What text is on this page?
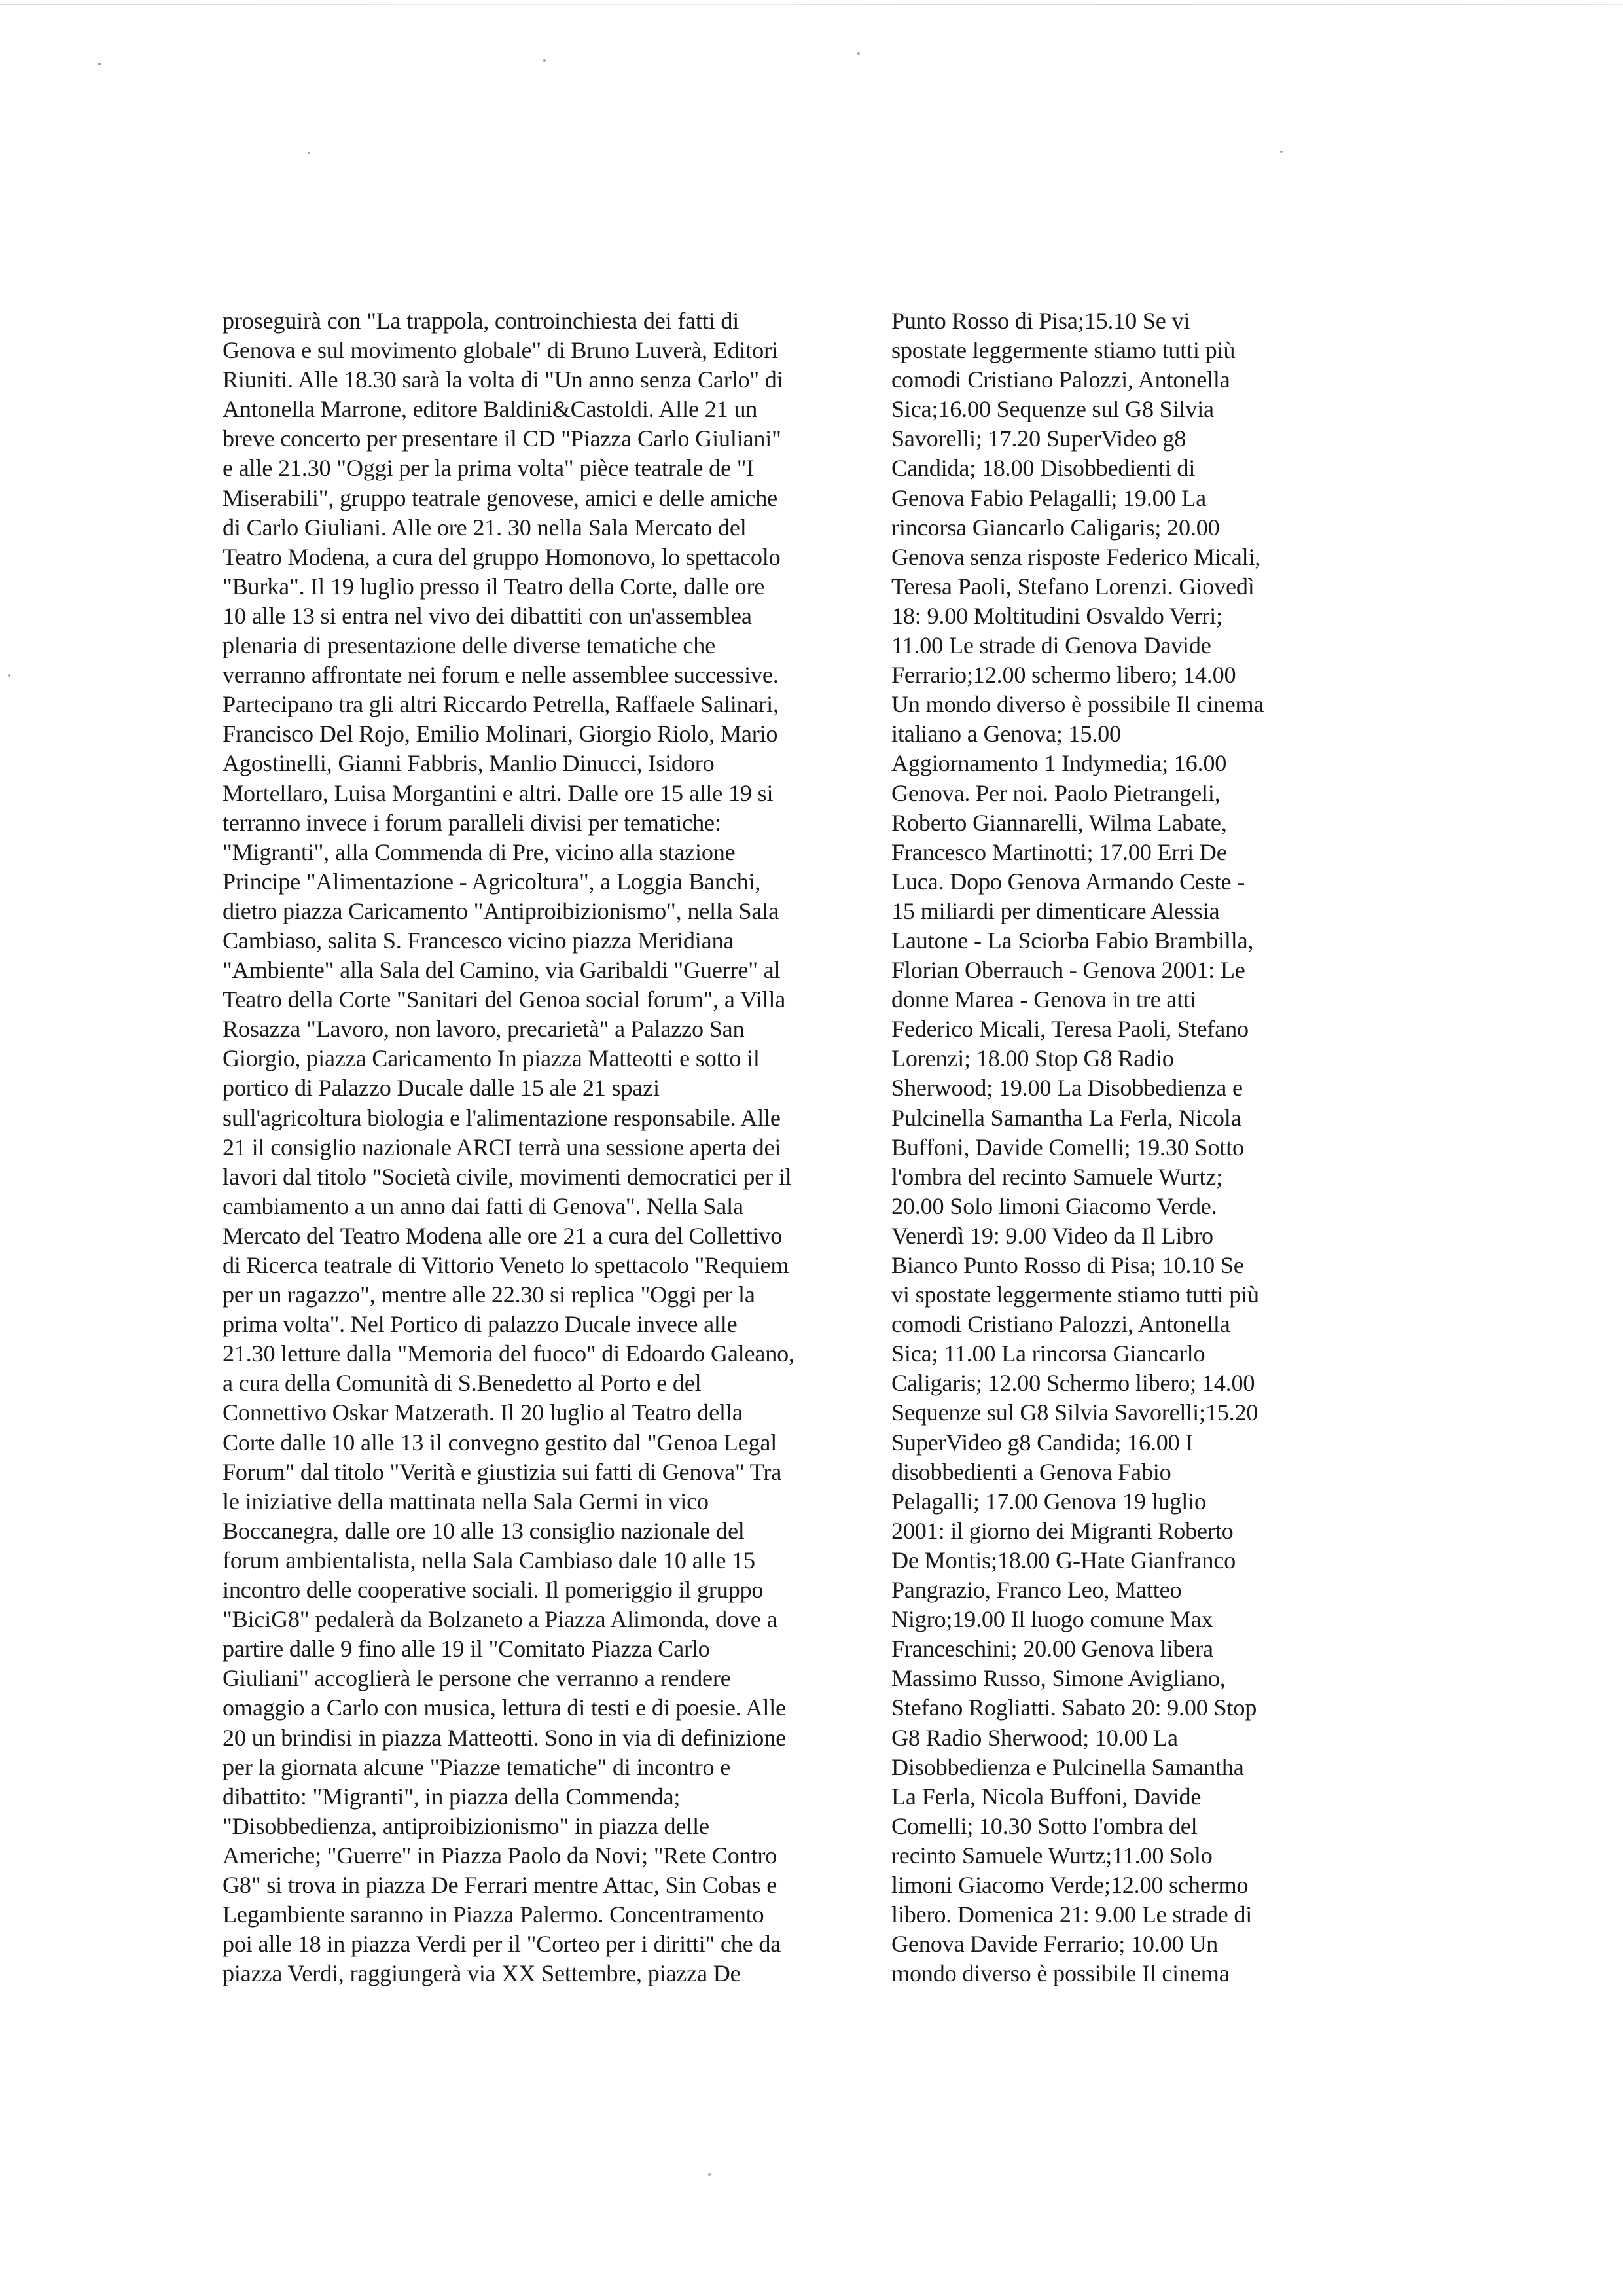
proseguirà con "La trappola, controinchiesta dei fatti di
Genova e sul movimento globale" di Bruno Luverà, Editori
Riuniti. Alle 18.30 sarà la volta di "Un anno senza Carlo" di
Antonella Marrone, editore Baldini&Castoldi. Alle 21 un
breve concerto per presentare il CD "Piazza Carlo Giuliani"
e alle 21.30 "Oggi per la prima volta" pièce teatrale de "I
Miserabili", gruppo teatrale genovese, amici e delle amiche
di Carlo Giuliani. Alle ore 21. 30 nella Sala Mercato del
Teatro Modena, a cura del gruppo Homonovo, lo spettacolo
"Burka". Il 19 luglio presso il Teatro della Corte, dalle ore
10 alle 13 si entra nel vivo dei dibattiti con un'assemblea
plenaria di presentazione delle diverse tematiche che
verranno affrontate nei forum e nelle assemblee successive.
Partecipano tra gli altri Riccardo Petrella, Raffaele Salinari,
Francisco Del Rojo, Emilio Molinari, Giorgio Riolo, Mario
Agostinelli, Gianni Fabbris, Manlio Dinucci, Isidoro
Mortellaro, Luisa Morgantini e altri. Dalle ore 15 alle 19 si
terranno invece i forum paralleli divisi per tematiche:
"Migranti", alla Commenda di Pre, vicino alla stazione
Principe "Alimentazione - Agricoltura", a Loggia Banchi,
dietro piazza Caricamento "Antiproibizionismo", nella Sala
Cambiaso, salita S. Francesco vicino piazza Meridiana
"Ambiente" alla Sala del Camino, via Garibaldi "Guerre" al
Teatro della Corte "Sanitari del Genoa social forum", a Villa
Rosazza "Lavoro, non lavoro, precarietà" a Palazzo San
Giorgio, piazza Caricamento In piazza Matteotti e sotto il
portico di Palazzo Ducale dalle 15 ale 21 spazi
sull'agricoltura biologia e l'alimentazione responsabile. Alle
21 il consiglio nazionale ARCI terrà una sessione aperta dei
lavori dal titolo "Società civile, movimenti democratici per il
cambiamento a un anno dai fatti di Genova". Nella Sala
Mercato del Teatro Modena alle ore 21 a cura del Collettivo
di Ricerca teatrale di Vittorio Veneto lo spettacolo "Requiem
per un ragazzo", mentre alle 22.30 si replica "Oggi per la
prima volta". Nel Portico di palazzo Ducale invece alle
21.30 letture dalla "Memoria del fuoco" di Edoardo Galeano,
a cura della Comunità di S.Benedetto al Porto e del
Connettivo Oskar Matzerath. Il 20 luglio al Teatro della
Corte dalle 10 alle 13 il convegno gestito dal "Genoa Legal
Forum" dal titolo "Verità e giustizia sui fatti di Genova" Tra
le iniziative della mattinata nella Sala Germi in vico
Boccanegra, dalle ore 10 alle 13 consiglio nazionale del
forum ambientalista, nella Sala Cambiaso dale 10 alle 15
incontro delle cooperative sociali. Il pomeriggio il gruppo
"BiciG8" pedalerà da Bolzaneto a Piazza Alimonda, dove a
partire dalle 9 fino alle 19 il "Comitato Piazza Carlo
Giuliani" accoglierà le persone che verranno a rendere
omaggio a Carlo con musica, lettura di testi e di poesie. Alle
20 un brindisi in piazza Matteotti. Sono in via di definizione
per la giornata alcune "Piazze tematiche" di incontro e
dibattito: "Migranti", in piazza della Commenda;
"Disobbedienza, antiproibizionismo" in piazza delle
Americhe; "Guerre" in Piazza Paolo da Novi; "Rete Contro
G8" si trova in piazza De Ferrari mentre Attac, Sin Cobas e
Legambiente saranno in Piazza Palermo. Concentramento
poi alle 18 in piazza Verdi per il "Corteo per i diritti" che da
piazza Verdi, raggiungerà via XX Settembre, piazza De
Punto Rosso di Pisa;15.10 Se vi
spostate leggermente stiamo tutti più
comodi Cristiano Palozzi, Antonella
Sica;16.00 Sequenze sul G8 Silvia
Savorelli; 17.20 SuperVideo g8
Candida; 18.00 Disobbedienti di
Genova Fabio Pelagalli; 19.00 La
rincorsa Giancarlo Caligaris; 20.00
Genova senza risposte Federico Micali,
Teresa Paoli, Stefano Lorenzi. Giovedì
18: 9.00 Moltitudini Osvaldo Verri;
11.00 Le strade di Genova Davide
Ferrario;12.00 schermo libero; 14.00
Un mondo diverso è possibile Il cinema
italiano a Genova; 15.00
Aggiornamento 1 Indymedia; 16.00
Genova. Per noi. Paolo Pietrangeli,
Roberto Giannarelli, Wilma Labate,
Francesco Martinotti; 17.00 Erri De
Luca. Dopo Genova Armando Ceste -
15 miliardi per dimenticare Alessia
Lautone - La Sciorba Fabio Brambilla,
Florian Oberrauch - Genova 2001: Le
donne Marea - Genova in tre atti
Federico Micali, Teresa Paoli, Stefano
Lorenzi; 18.00 Stop G8 Radio
Sherwood; 19.00 La Disobbedienza e
Pulcinella Samantha La Ferla, Nicola
Buffoni, Davide Comelli; 19.30 Sotto
l'ombra del recinto Samuele Wurtz;
20.00 Solo limoni Giacomo Verde.
Venerdì 19: 9.00 Video da Il Libro
Bianco Punto Rosso di Pisa; 10.10 Se
vi spostate leggermente stiamo tutti più
comodi Cristiano Palozzi, Antonella
Sica; 11.00 La rincorsa Giancarlo
Caligaris; 12.00 Schermo libero; 14.00
Sequenze sul G8 Silvia Savorelli;15.20
SuperVideo g8 Candida; 16.00 I
disobbedienti a Genova Fabio
Pelagalli; 17.00 Genova 19 luglio
2001: il giorno dei Migranti Roberto
De Montis;18.00 G-Hate Gianfranco
Pangrazio, Franco Leo, Matteo
Nigro;19.00 Il luogo comune Max
Franceschini; 20.00 Genova libera
Massimo Russo, Simone Avigliano,
Stefano Rogliatti. Sabato 20: 9.00 Stop
G8 Radio Sherwood; 10.00 La
Disobbedienza e Pulcinella Samantha
La Ferla, Nicola Buffoni, Davide
Comelli; 10.30 Sotto l'ombra del
recinto Samuele Wurtz;11.00 Solo
limoni Giacomo Verde;12.00 schermo
libero. Domenica 21: 9.00 Le strade di
Genova Davide Ferrario; 10.00 Un
mondo diverso è possibile Il cinema
